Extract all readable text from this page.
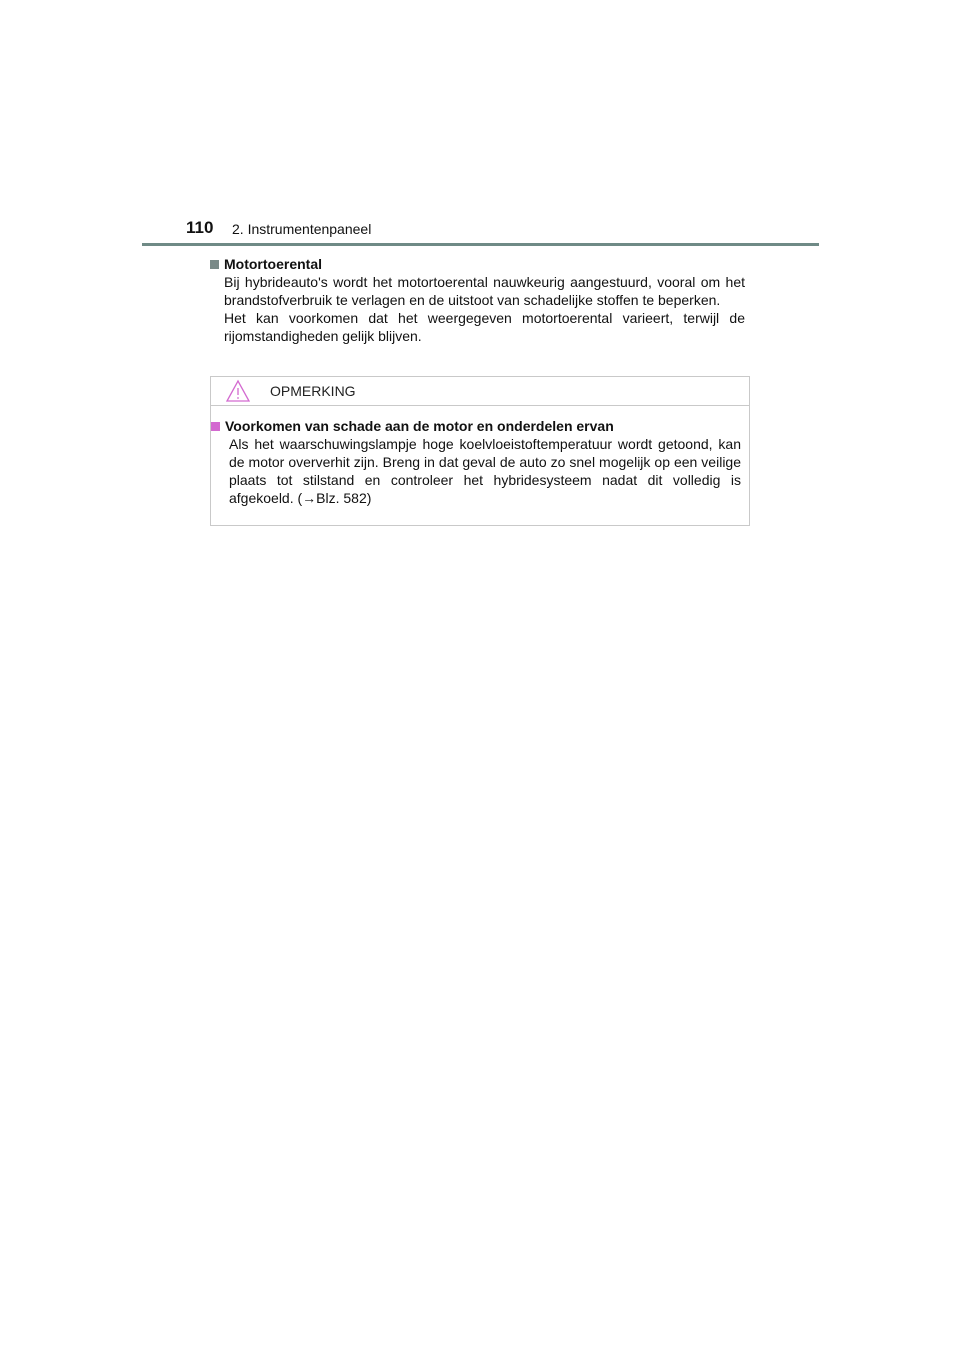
110 2. Instrumentenpaneel

Motortoerental

Bij hybrideauto's wordt het motortoerental nauwkeurig aangestuurd, vooral om het brandstofverbruik te verlagen en de uitstoot van schadelijke stoffen te beperken.

Het kan voorkomen dat het weergegeven motortoerental varieert, terwijl de rijomstandigheden gelijk blijven.

OPMERKING

Voorkomen van schade aan de motor en onderdelen ervan

Als het waarschuwingslampje hoge koelvloeistoftemperatuur wordt getoond, kan de motor oververhit zijn. Breng in dat geval de auto zo snel mogelijk op een veilige plaats tot stilstand en controleer het hybridesysteem nadat dit volledig is afgekoeld. (→Blz. 582)
